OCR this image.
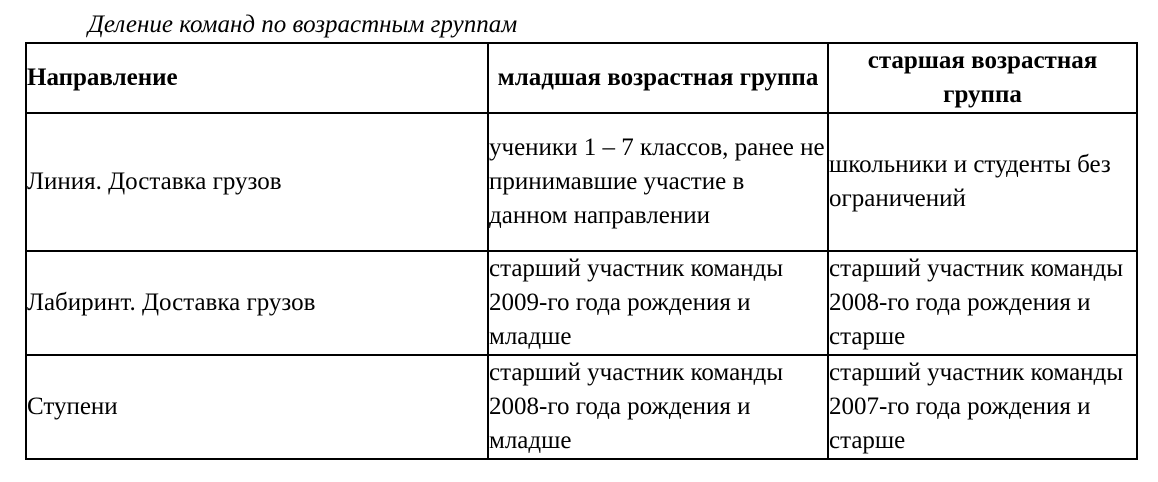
Деление команд по возрастным группам
Направление	младшая возрастная группа	старшая возрастная группа
Линия. Доставка грузов	ученики 1 – 7 классов, ранее не принимавшие участие в данном направлении	школьники и студенты без ограничений
Лабиринт. Доставка грузов	старший участник команды 2009-го года рождения и младше	старший участник команды 2008-го года рождения и старше
Ступени	старший участник команды 2008-го года рождения и младше	старший участник команды 2007-го года рождения и старше
